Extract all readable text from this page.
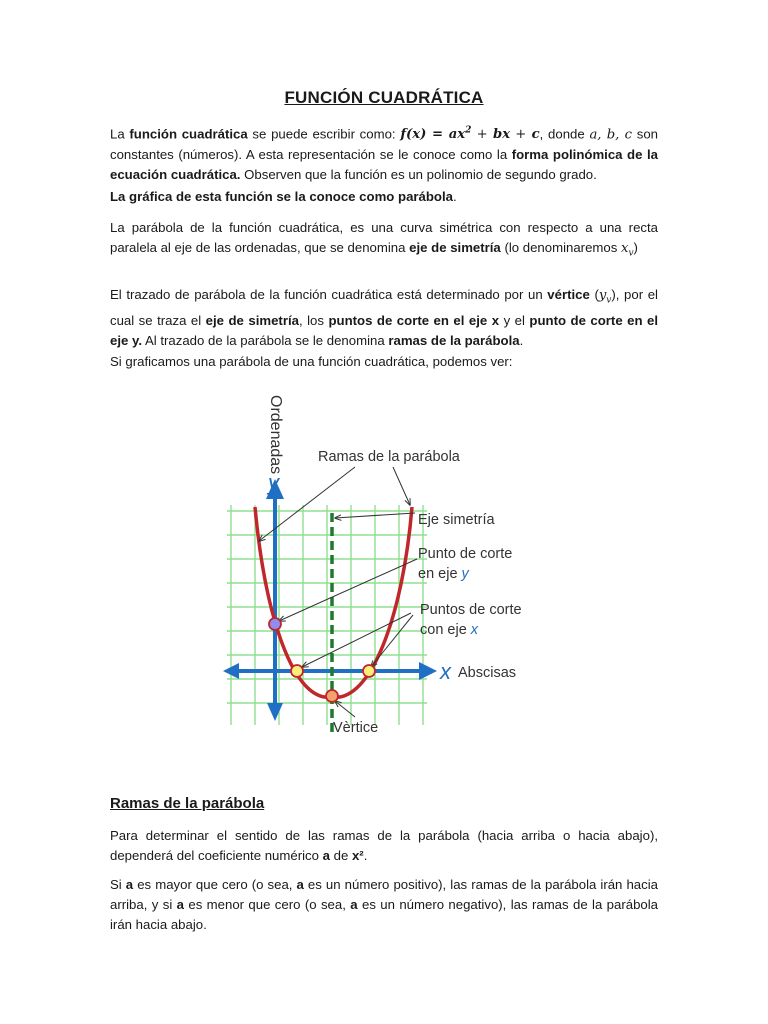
FUNCIÓN CUADRÁTICA

La función cuadrática se puede escribir como: $f(x) = ax^2$ + bx + c, donde a, b, c son constantes (números). A esta representación se le conoce como la forma polinómica de la ecuación cuadrática. Observen que la función es un polinomio de segundo grado.

La gráfica de esta función se la conoce como parábola.

La parábola de la función cuadrática, es una curva simétrica con respecto a una recta paralela al eje de las ordenadas, que se denomina eje de simetría (lo denominaremos $x_v$)

El trazado de parábola de la función cuadrática está determinado por un vértice $(y_v)$, por el cual se traza el eje de simetría, los puntos de corte en el eje x y el punto de corte en el eje y. Al trazado de la parábola se le denomina ramas de la parábola.

Si graficamos una parábola de una función cuadrática, podemos ver:

Ramas de la parábola

Para determinar el sentido de las ramas de la parábola (hacia arriba o hacia abajo), dependerá del coeficiente numérico a de x².

Si a es mayor que cero (o sea, a es un número positivo), las ramas de la parábola irán hacia arriba, y si a es menor que cero (o sea, a es un número negativo), las ramas de la parábola irán hacia abajo.

Ordenadas
y
x Abscisas
Ramas de la parábola
Eje simetría
Punto de corte
en eje y
Puntos de corte
con eje x
Vèrtice
